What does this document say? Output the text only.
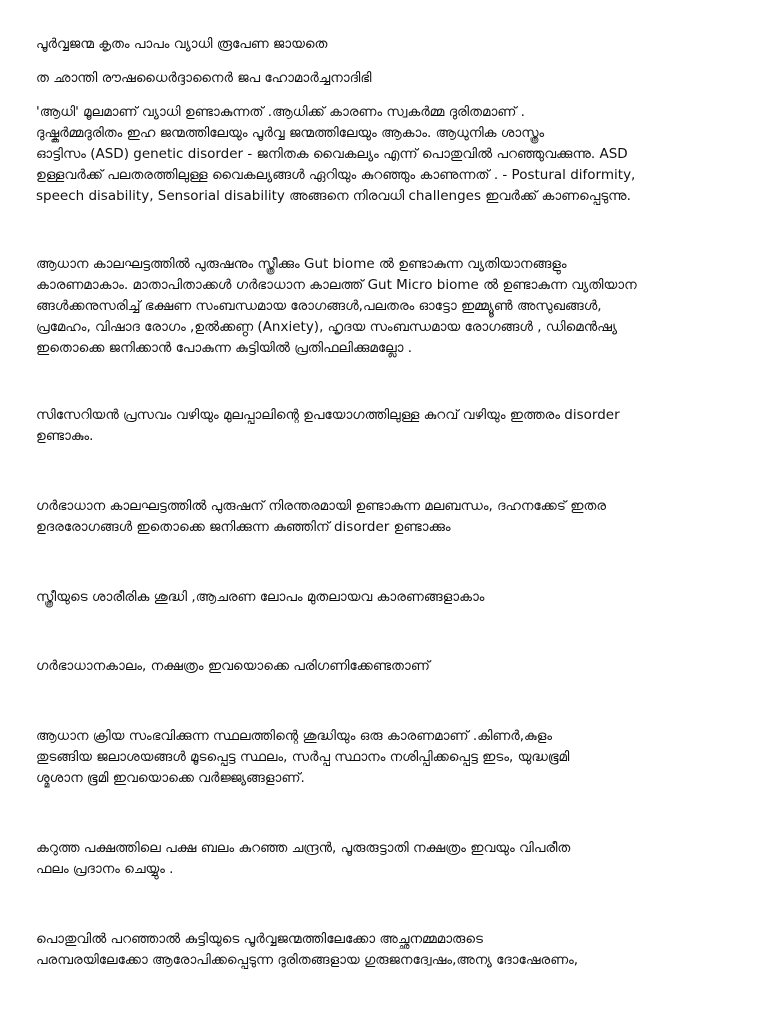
പൂർവ്വജന്മ കൃതം പാപം വ്യാധി രൂപേണ ജായതെ

ത ഛാന്തി രൗഷധൈർദ്ദാനൈർ ജപ ഹോമാർച്ചനാദിഭി

'ആധി' മൂലമാണ് വ്യാധി ഉണ്ടാകുന്നത് .ആധിക്ക് കാരണം സ്വകർമ്മ ദുരിതമാണ് .
ദുഷ്കർമ്മദുരിതം ഇഹ ജന്മത്തിലേയും പൂർവ്വ ജന്മത്തിലേയും ആകാം. ആധുനിക ശാസ്ത്രം
ഓട്ടിസം (ASD) genetic disorder - ജനിതക വൈകല്യം എന്ന് പൊതുവിൽ പറഞ്ഞുവക്കുന്നു. ASD
ഉള്ളവർക്ക് പലതരത്തിലുള്ള വൈകല്യങ്ങൾ ഏറിയും കുറഞ്ഞും കാണുന്നത് . - Postural diformity,
speech disability, Sensorial disability അങ്ങനെ നിരവധി challenges ഇവർക്ക് കാണപ്പെടുന്നു.

ആധാന കാലഘട്ടത്തിൽ പുരുഷനും സ്ത്രീക്കും Gut biome ൽ ഉണ്ടാകുന്ന വ്യതിയാനങ്ങളും
കാരണമാകാം. മാതാപിതാക്കൾ ഗർഭാധാന കാലത്ത് Gut Micro biome ൽ ഉണ്ടാകുന്ന വ്യതിയാന
ങ്ങൾക്കനുസരിച്ച് ഭക്ഷണ സംബന്ധമായ രോഗങ്ങൾ,പലതരം ഓട്ടോ ഇമ്മ്യൂൺ അസുഖങ്ങൾ,
പ്രമേഹം, വിഷാദ രോഗം ,ഉൽക്കണ്ഠ (Anxiety), ഹൃദയ സംബന്ധമായ രോഗങ്ങൾ , ഡിമെൻഷ്യ
ഇതൊക്കെ ജനിക്കാൻ പോകുന്ന കുട്ടിയിൽ പ്രതിഫലിക്കുമല്ലോ .

സിസേറിയൻ പ്രസവം വഴിയും മുലപ്പാലിന്റെ ഉപയോഗത്തിലുള്ള കുറവ് വഴിയും ഇത്തരം disorder
ഉണ്ടാകും.

ഗർഭാധാന കാലഘട്ടത്തിൽ പുരുഷന് നിരന്തരമായി ഉണ്ടാകുന്ന മലബന്ധം, ദഹനക്കേട് ഇതര
ഉദരരോഗങ്ങൾ ഇതൊക്കെ ജനിക്കുന്ന കുഞ്ഞിന് disorder ഉണ്ടാക്കും

സ്ത്രീയുടെ ശാരീരിക ശുദ്ധി ,ആചരണ ലോപം മുതലായവ കാരണങ്ങളാകാം

ഗർഭാധാനകാലം, നക്ഷത്രം ഇവയൊക്കെ പരിഗണിക്കേണ്ടതാണ്

ആധാന ക്രിയ സംഭവിക്കുന്ന സ്ഥലത്തിന്റെ ശുദ്ധിയും ഒരു കാരണമാണ് .കിണർ,കുളം
തുടങ്ങിയ ജലാശയങ്ങൾ മൂടപ്പെട്ട സ്ഥലം, സർപ്പ സ്ഥാനം നശിപ്പിക്കപ്പെട്ട ഇടം, യുദ്ധഭൂമി
ശ്മശാന ഭൂമി ഇവയൊക്കെ വർജ്ജ്യങ്ങളാണ്.

കറുത്ത പക്ഷത്തിലെ പക്ഷ ബലം കുറഞ്ഞ ചന്ദ്രൻ, പൂരുരുട്ടാതി നക്ഷത്രം ഇവയും വിപരീത
ഫലം പ്രദാനം ചെയ്യും .

പൊതുവിൽ പറഞ്ഞാൽ കുട്ടിയുടെ പൂർവ്വജന്മത്തിലേക്കോ അച്ഛനമ്മമാരുടെ
പരമ്പരയിലേക്കോ ആരോപിക്കപ്പെടുന്ന ദുരിതങ്ങളായ ഗുരുജനദ്വേഷം,അന്യ ദോഷേരണം,
